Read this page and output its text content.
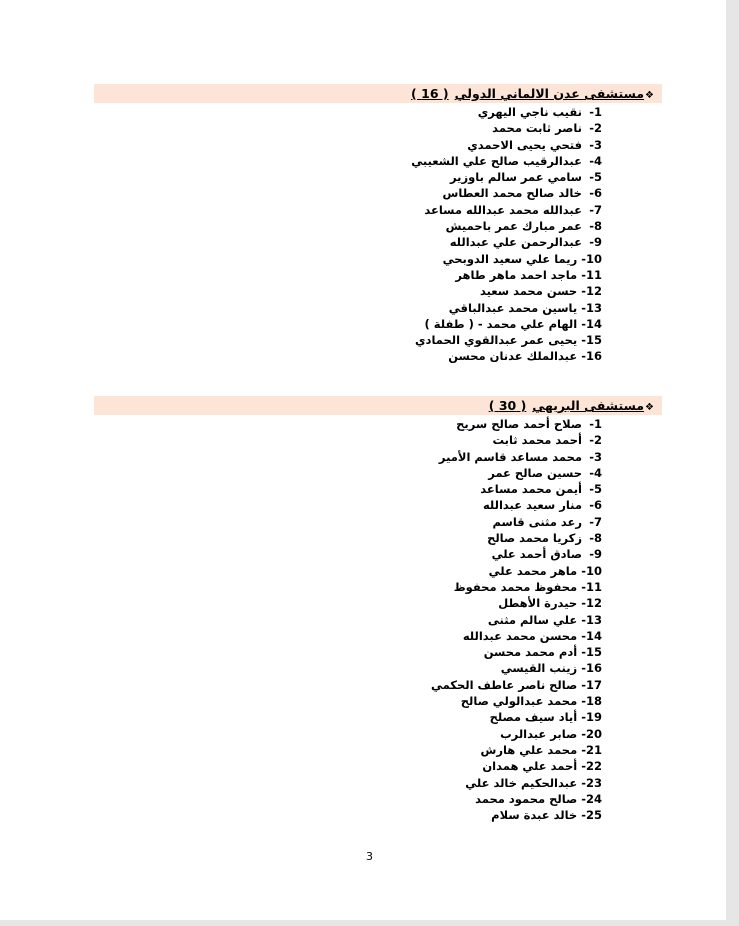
❖مستشفى عدن الالماني الدولي( 16 )
1- نقيب ناجي اليهري
2- ناصر ثابت محمد
3- فتحي يحيى الاحمدي
4- عبدالرقيب صالح علي الشعيبي
5- سامي عمر سالم باوزير
6- خالد صالح محمد العطاس
7- عبدالله محمد عبدالله مساعد
8- عمر مبارك عمر باحميش
9- عبدالرحمن علي عبدالله
10- ريما علي سعيد الدوبحي
11- ماجد احمد ماهر طاهر
12- حسن محمد سعيد
13- ياسين محمد عبدالباقي
14- الهام علي محمد - ( طفلة )
15- يحيى عمر عبدالقوي الحمادي
16- عبدالملك عدنان محسن
❖مستشفى البريهي( 30 )
1- صلاح أحمد صالح سريح
2- أحمد محمد ثابت
3- محمد مساعد قاسم الأمير
4- حسين صالح عمر
5- أيمن محمد مساعد
6- منار سعيد عبدالله
7- رعد مثنى قاسم
8- زكريا محمد صالح
9- صادق أحمد علي
10- ماهر محمد علي
11- محفوظ محمد محفوظ
12- حيدرة الأهطل
13- علي سالم مثنى
14- محسن محمد عبدالله
15- أدم محمد محسن
16- زينب القيسي
17- صالح ناصر عاطف الحكمي
18- محمد عبدالولي صالح
19- أياد سيف مصلح
20- صابر عبدالرب
21- محمد علي هارش
22- أحمد علي همدان
23- عبدالحكيم خالد علي
24- صالح محمود محمد
25- خالد عبدة سلام
3
